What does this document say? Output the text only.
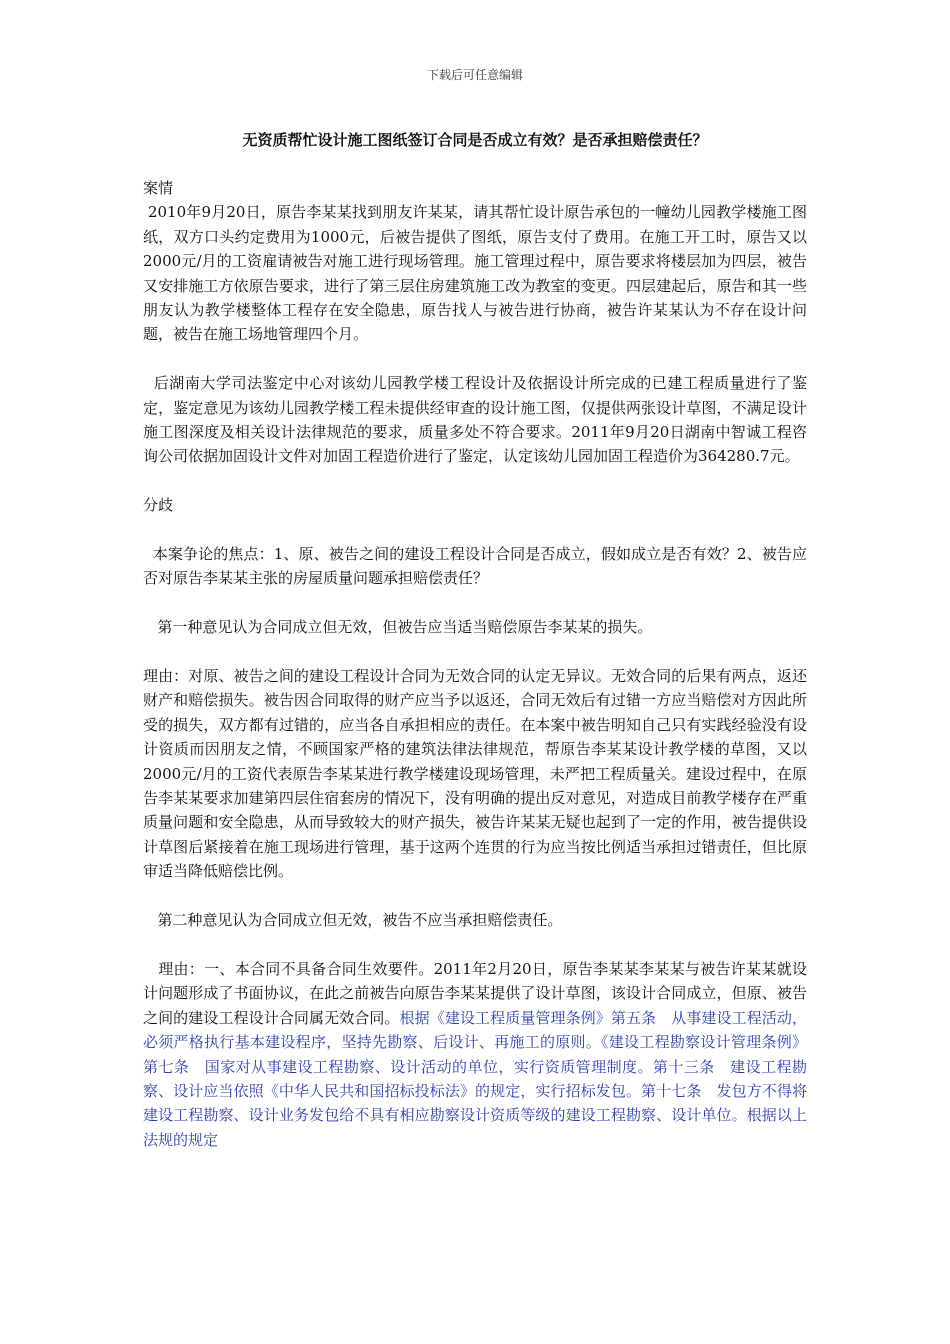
下载后可任意编辑
无资质帮忙设计施工图纸签订合同是否成立有效？是否承担赔偿责任？

案情

2010年9月20日，原告李某某找到朋友许某某，请其帮忙设计原告承包的一幢幼儿园教学楼施工图纸，双方口头约定费用为1000元，后被告提供了图纸，原告支付了费用。在施工开工时，原告又以2000元/月的工资雇请被告对施工进行现场管理。施工管理过程中，原告要求将楼层加为四层，被告又安排施工方依原告要求，进行了第三层住房建筑施工改为教室的变更。四层建起后，原告和其一些朋友认为教学楼整体工程存在安全隐患，原告找人与被告进行协商，被告许某某认为不存在设计问题，被告在施工场地管理四个月。

后湖南大学司法鉴定中心对该幼儿园教学楼工程设计及依据设计所完成的已建工程质量进行了鉴定，鉴定意见为该幼儿园教学楼工程未提供经审查的设计施工图，仅提供两张设计草图，不满足设计施工图深度及相关设计法律规范的要求，质量多处不符合要求。2011年9月20日湖南中智诚工程咨询公司依据加固设计文件对加固工程造价进行了鉴定，认定该幼儿园加固工程造价为364280.7元。

分歧

本案争论的焦点：1、原、被告之间的建设工程设计合同是否成立，假如成立是否有效？2、被告应否对原告李某某主张的房屋质量问题承担赔偿责任？

第一种意见认为合同成立但无效，但被告应当适当赔偿原告李某某的损失。

理由：对原、被告之间的建设工程设计合同为无效合同的认定无异议。无效合同的后果有两点，返还财产和赔偿损失。被告因合同取得的财产应当予以返还，合同无效后有过错一方应当赔偿对方因此所受的损失，双方都有过错的，应当各自承担相应的责任。在本案中被告明知自己只有实践经验没有设计资质而因朋友之情，不顾国家严格的建筑法律法律规范，帮原告李某某设计教学楼的草图，又以2000元/月的工资代表原告李某某进行教学楼建设现场管理，未严把工程质量关。建设过程中，在原告李某某要求加建第四层住宿套房的情况下，没有明确的提出反对意见，对造成目前教学楼存在严重质量问题和安全隐患，从而导致较大的财产损失，被告许某某无疑也起到了一定的作用，被告提供设计草图后紧接着在施工现场进行管理，基于这两个连贯的行为应当按比例适当承担过错责任，但比原审适当降低赔偿比例。

第二种意见认为合同成立但无效，被告不应当承担赔偿责任。

理由：一、本合同不具备合同生效要件。2011年2月20日，原告李某某李某某与被告许某某就设计问题形成了书面协议，在此之前被告向原告李某某提供了设计草图，该设计合同成立，但原、被告之间的建设工程设计合同属无效合同。根据《建设工程质量管理条例》第五条　从事建设工程活动，必须严格执行基本建设程序，坚持先勘察、后设计、再施工的原则。《建设工程勘察设计管理条例》第七条　国家对从事建设工程勘察、设计活动的单位，实行资质管理制度。第十三条　建设工程勘察、设计应当依照《中华人民共和国招标投标法》的规定，实行招标发包。第十七条　发包方不得将建设工程勘察、设计业务发包给不具有相应勘察设计资质等级的建设工程勘察、设计单位。根据以上法规的规定
